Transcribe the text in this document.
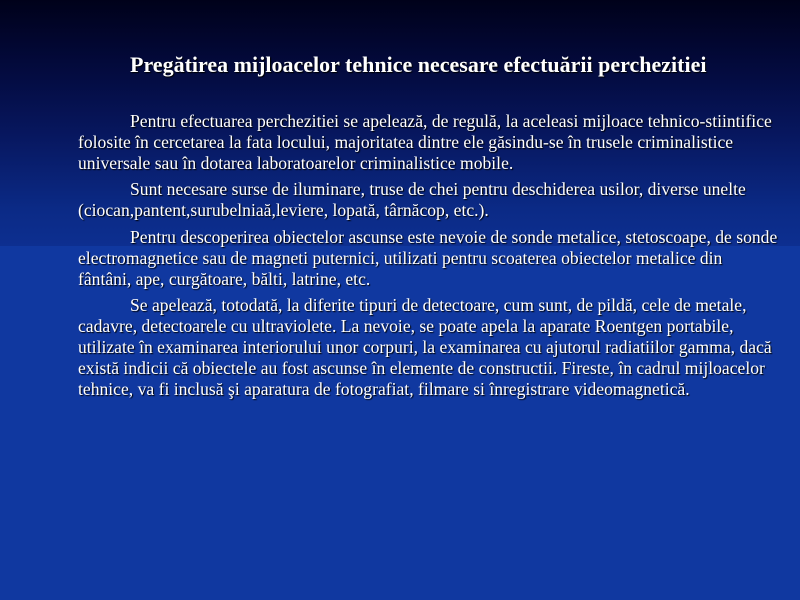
Pregătirea mijloacelor tehnice necesare efectuării perchezitiei

Pentru efectuarea perchezitiei se apelează, de regulă, la aceleasi mijloace tehnico-stiintifice folosite în cercetarea la fata locului, majoritatea dintre ele găsindu-se în trusele criminalistice universale sau în dotarea laboratoarelor criminalistice mobile.

Sunt necesare surse de iluminare, truse de chei pentru deschiderea usilor, diverse unelte (ciocan,pantent,surubelniaă,leviere, lopată, târnăcop, etc.).

Pentru descoperirea obiectelor ascunse este nevoie de sonde metalice, stetoscoape, de sonde electromagnetice sau de magneti puternici, utilizati pentru scoaterea obiectelor metalice din fântâni, ape, curgătoare, bălti, latrine, etc.

Se apelează, totodată, la diferite tipuri de detectoare, cum sunt, de pildă, cele de metale, cadavre, detectoarele cu ultraviolete. La nevoie, se poate apela la aparate Roentgen portabile, utilizate în examinarea interiorului unor corpuri, la examinarea cu ajutorul radiatiilor gamma, dacă există indicii că obiectele au fost ascunse în elemente de constructii. Fireste, în cadrul mijloacelor tehnice, va fi inclusă şi aparatura de fotografiat, filmare si înregistrare videomagnetică.
